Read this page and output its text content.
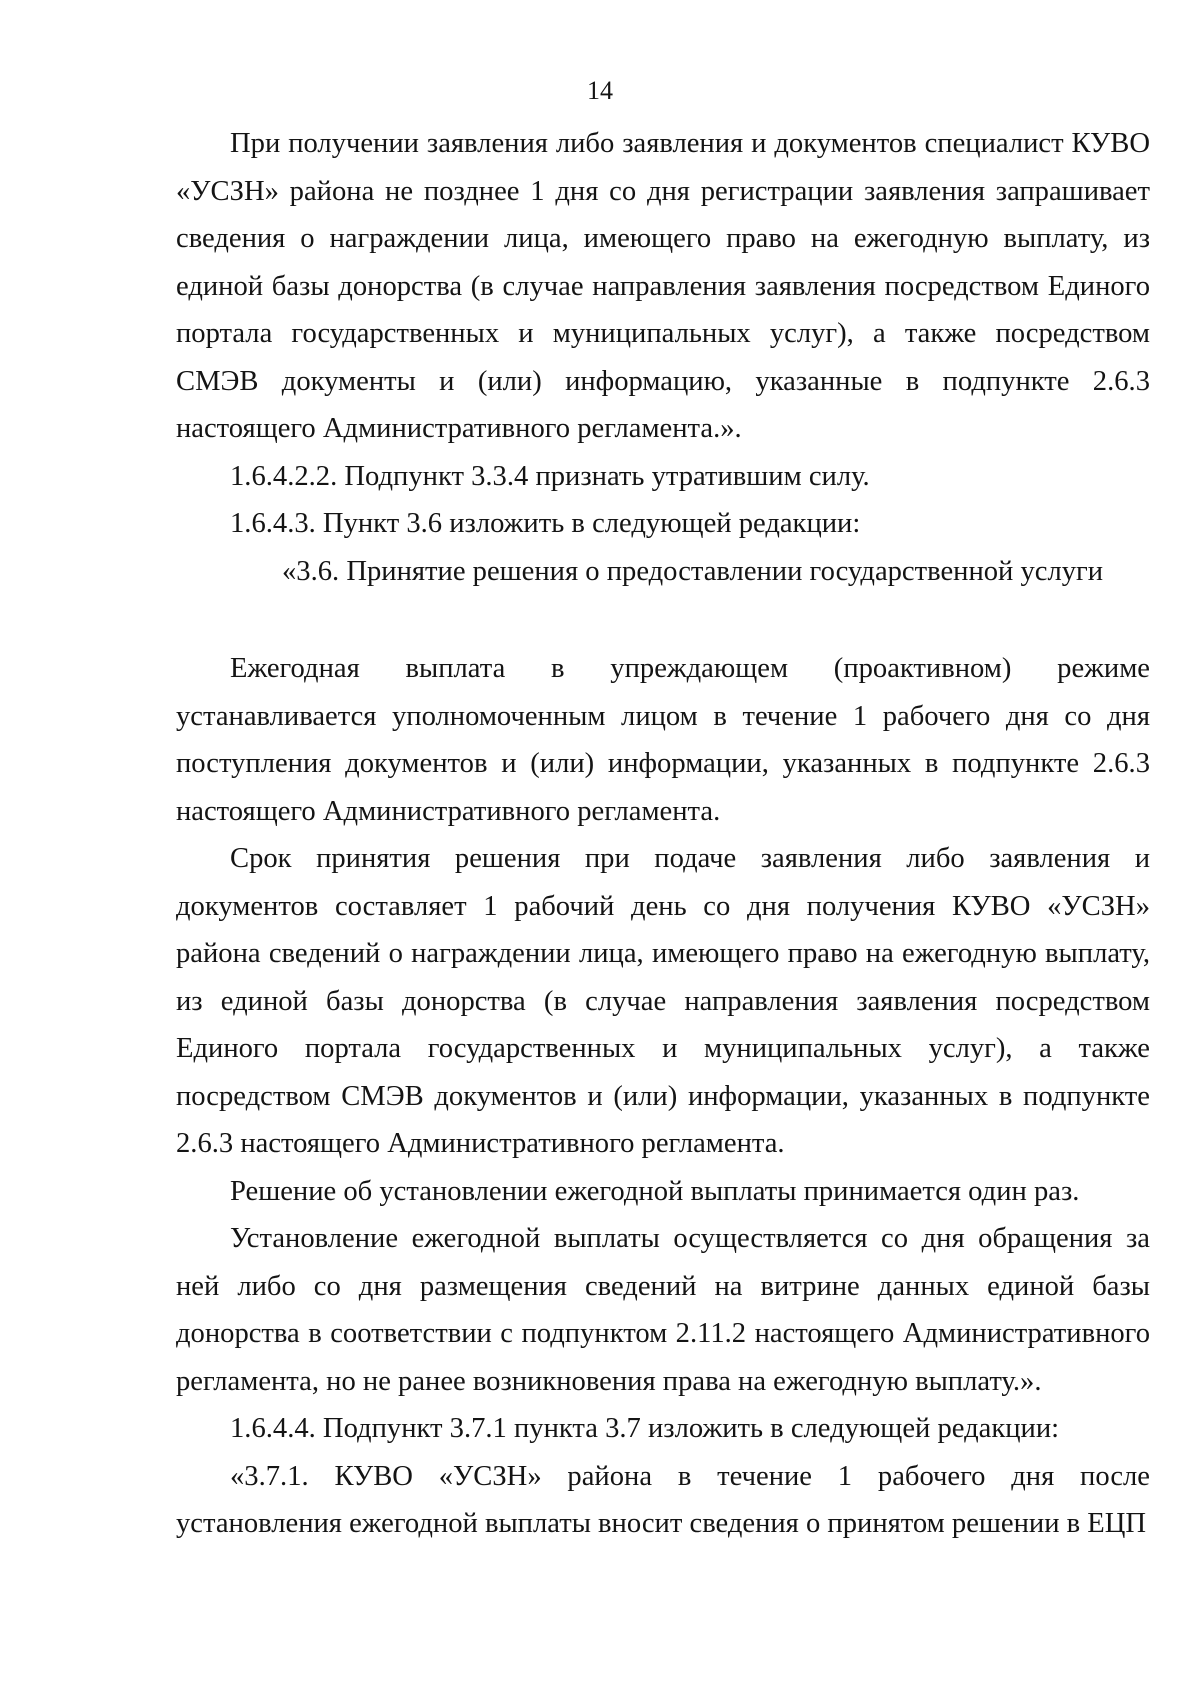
14

При получении заявления либо заявления и документов специалист КУВО «УСЗН» района не позднее 1 дня со дня регистрации заявления запрашивает сведения о награждении лица, имеющего право на ежегодную выплату, из единой базы донорства (в случае направления заявления посредством Единого портала государственных и муниципальных услуг), а также посредством СМЭВ документы и (или) информацию, указанные в подпункте 2.6.3 настоящего Административного регламента.».

1.6.4.2.2. Подпункт 3.3.4 признать утратившим силу.

1.6.4.3. Пункт 3.6 изложить в следующей редакции:

«3.6. Принятие решения о предоставлении государственной услуги

Ежегодная выплата в упреждающем (проактивном) режиме устанавливается уполномоченным лицом в течение 1 рабочего дня со дня поступления документов и (или) информации, указанных в подпункте 2.6.3 настоящего Административного регламента.

Срок принятия решения при подаче заявления либо заявления и документов составляет 1 рабочий день со дня получения КУВО «УСЗН» района сведений о награждении лица, имеющего право на ежегодную выплату, из единой базы донорства (в случае направления заявления посредством Единого портала государственных и муниципальных услуг), а также посредством СМЭВ документов и (или) информации, указанных в подпункте 2.6.3 настоящего Административного регламента.

Решение об установлении ежегодной выплаты принимается один раз.

Установление ежегодной выплаты осуществляется со дня обращения за ней либо со дня размещения сведений на витрине данных единой базы донорства в соответствии с подпунктом 2.11.2 настоящего Административного регламента, но не ранее возникновения права на ежегодную выплату.».

1.6.4.4. Подпункт 3.7.1 пункта 3.7 изложить в следующей редакции:

«3.7.1. КУВО «УСЗН» района в течение 1 рабочего дня после установления ежегодной выплаты вносит сведения о принятом решении в ЕЦП
